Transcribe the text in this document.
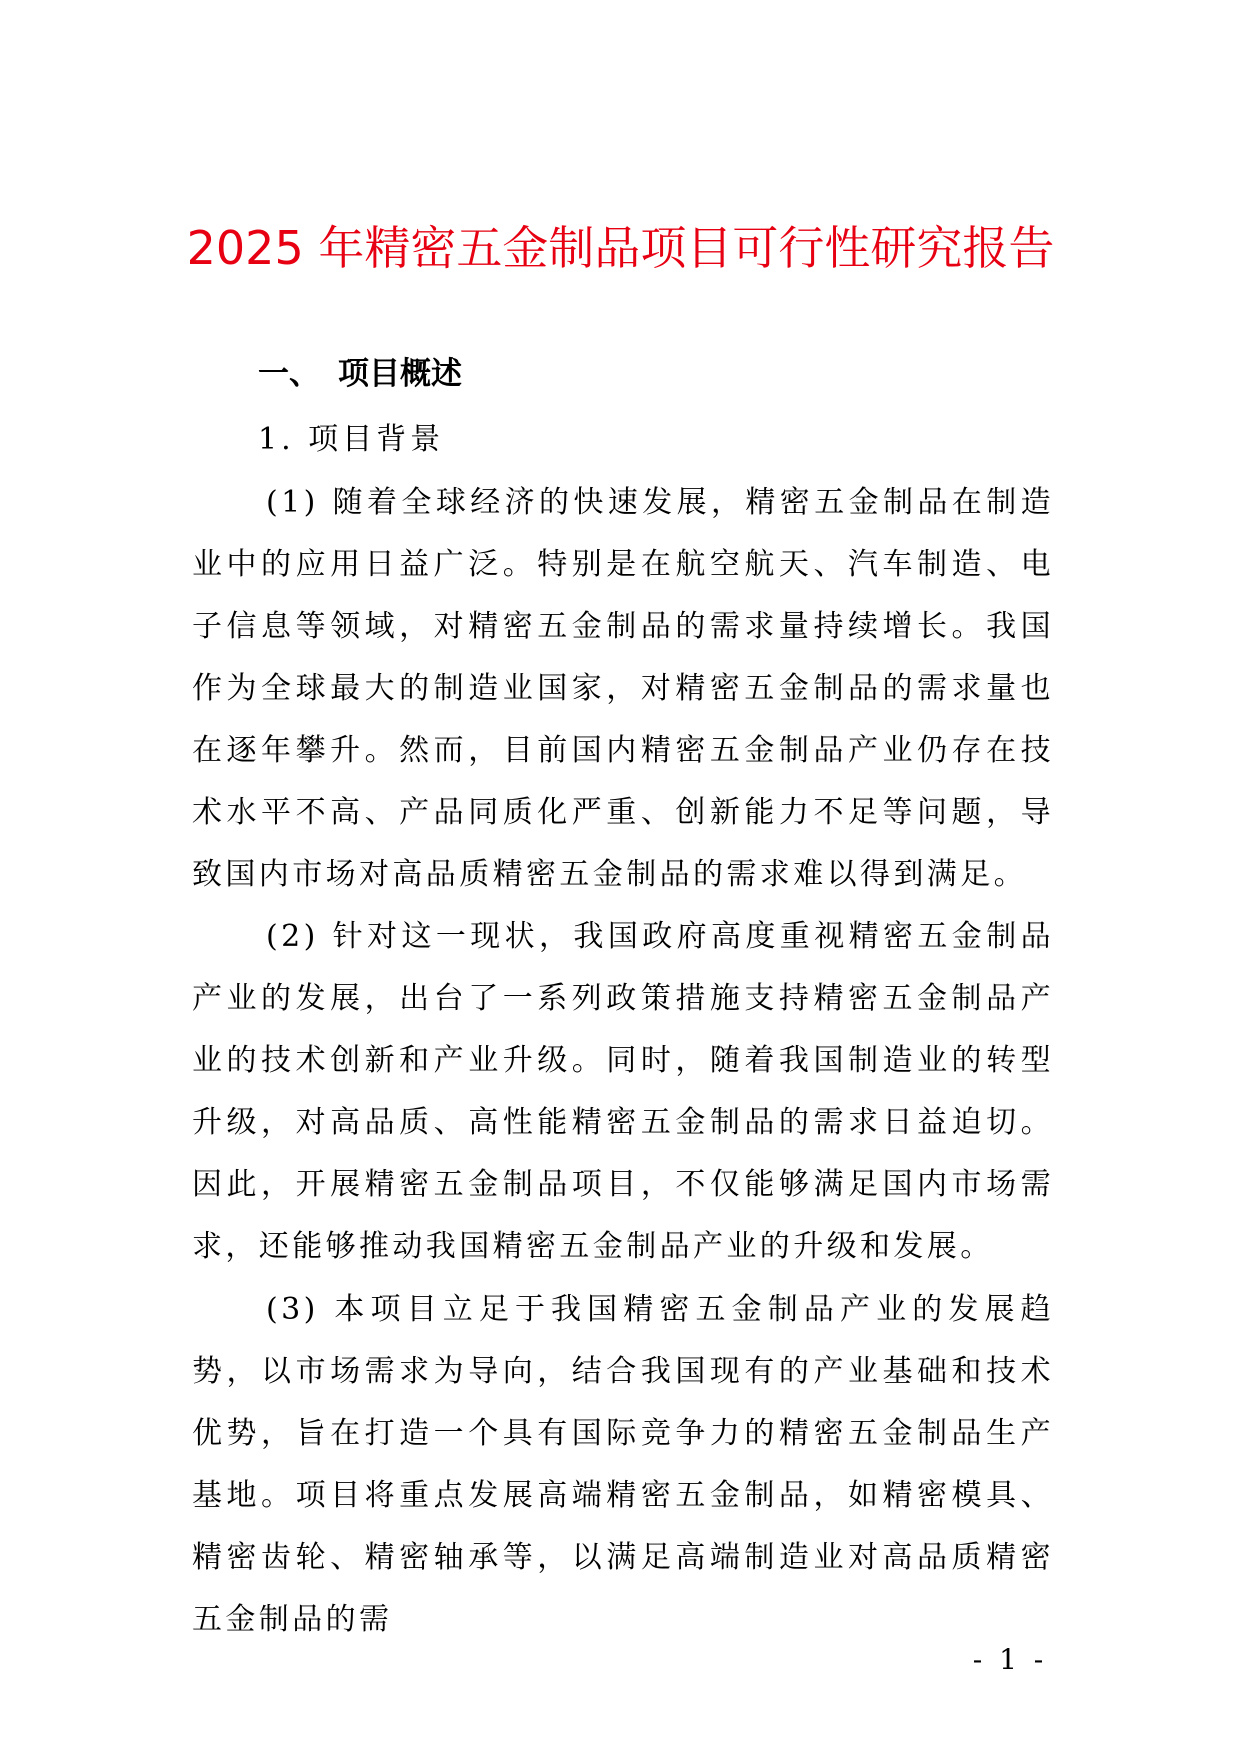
2025 年精密五金制品项目可行性研究报告
一、 项目概述
1. 项目背景

(1) 随着全球经济的快速发展，精密五金制品在制造业中的应用日益广泛。特别是在航空航天、汽车制造、电子信息等领域，对精密五金制品的需求量持续增长。我国作为全球最大的制造业国家，对精密五金制品的需求量也在逐年攀升。然而，目前国内精密五金制品产业仍存在技术水平不高、产品同质化严重、创新能力不足等问题，导致国内市场对高品质精密五金制品的需求难以得到满足。

(2) 针对这一现状，我国政府高度重视精密五金制品产业的发展，出台了一系列政策措施支持精密五金制品产业的技术创新和产业升级。同时，随着我国制造业的转型升级，对高品质、高性能精密五金制品的需求日益迫切。因此，开展精密五金制品项目，不仅能够满足国内市场需求，还能够推动我国精密五金制品产业的升级和发展。

(3) 本项目立足于我国精密五金制品产业的发展趋势，以市场需求为导向，结合我国现有的产业基础和技术优势，旨在打造一个具有国际竞争力的精密五金制品生产基地。项目将重点发展高端精密五金制品，如精密模具、精密齿轮、精密轴承等，以满足高端制造业对高品质精密五金制品的需

- 1 -
